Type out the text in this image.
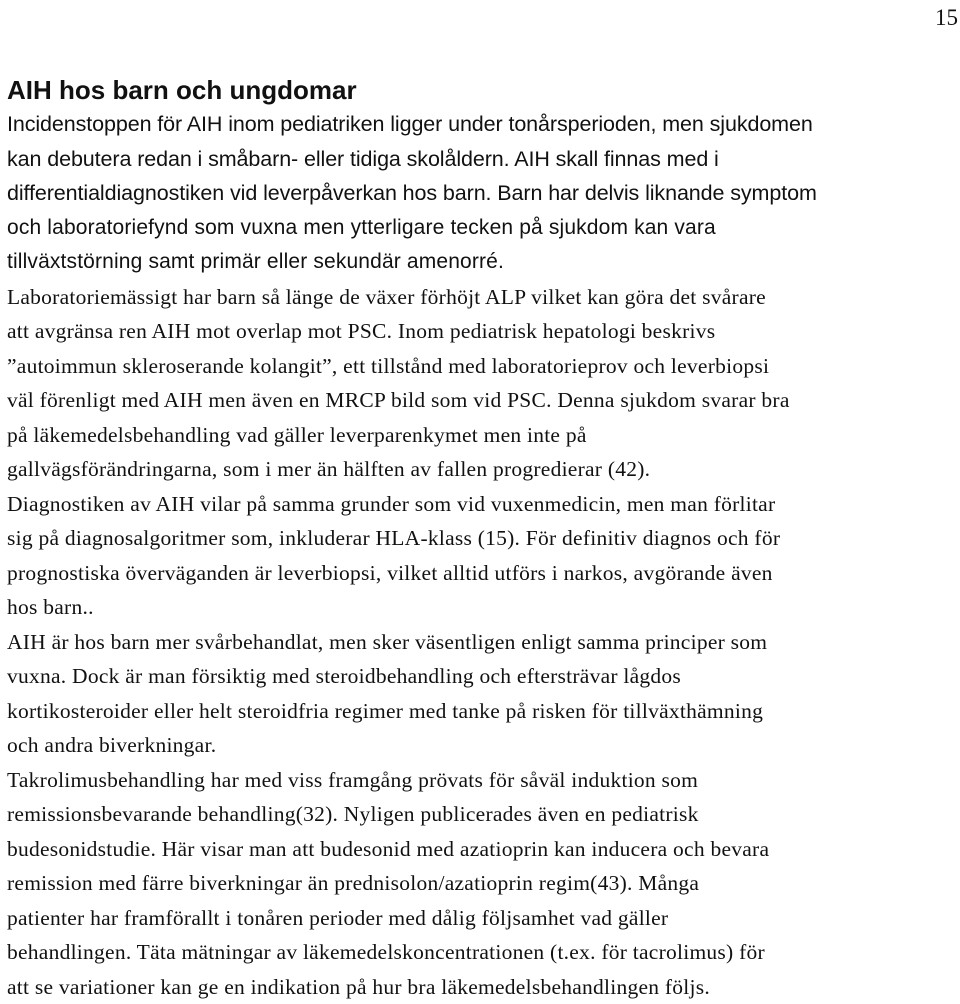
15
AIH hos barn och ungdomar
Incidenstoppen för AIH inom pediatriken ligger under tonårsperioden, men sjukdomen
kan debutera redan i småbarn- eller tidiga skolåldern. AIH skall finnas med i
differentialdiagnostiken vid leverpåverkan hos barn. Barn har delvis liknande symptom
och laboratoriefynd som vuxna men ytterligare tecken på sjukdom kan vara
tillväxtstörning samt primär eller sekundär amenorré.
Laboratoriemässigt har barn så länge de växer förhöjt ALP vilket kan göra det svårare
att avgränsa ren AIH mot overlap mot PSC. Inom pediatrisk hepatologi beskrivs
”autoimmun skleroserande kolangit”, ett tillstånd med laboratorieprov och leverbiopsi
väl förenligt med AIH men även en MRCP bild som vid PSC. Denna sjukdom svarar bra
på läkemedelsbehandling vad gäller leverparenkymet men inte på
gallvägsförändringarna, som i mer än hälften av fallen progredierar (42).
Diagnostiken av AIH vilar på samma grunder som vid vuxenmedicin, men man förlitar
sig på diagnosalgoritmer som, inkluderar HLA-klass (15). För definitiv diagnos och för
prognostiska överväganden är leverbiopsi, vilket alltid utförs i narkos, avgörande även
hos barn..
AIH är hos barn mer svårbehandlat, men sker väsentligen enligt samma principer som
vuxna. Dock är man försiktig med steroidbehandling och eftersträvar lågdos
kortikosteroider eller helt steroidfria regimer med tanke på risken för tillväxthämning
och andra biverkningar.
Takrolimusbehandling har med viss framgång prövats för såväl induktion som
remissionsbevarande behandling(32). Nyligen publicerades även en pediatrisk
budesonidstudie. Här visar man att budesonid med azatioprin kan inducera och bevara
remission med färre biverkningar än prednisolon/azatioprin regim(43). Många
patienter har framförallt i tonåren perioder med dålig följsamhet vad gäller
behandlingen. Täta mätningar av läkemedelskoncentrationen (t.ex. för tacrolimus) för
att se variationer kan ge en indikation på hur bra läkemedelsbehandlingen följs.
